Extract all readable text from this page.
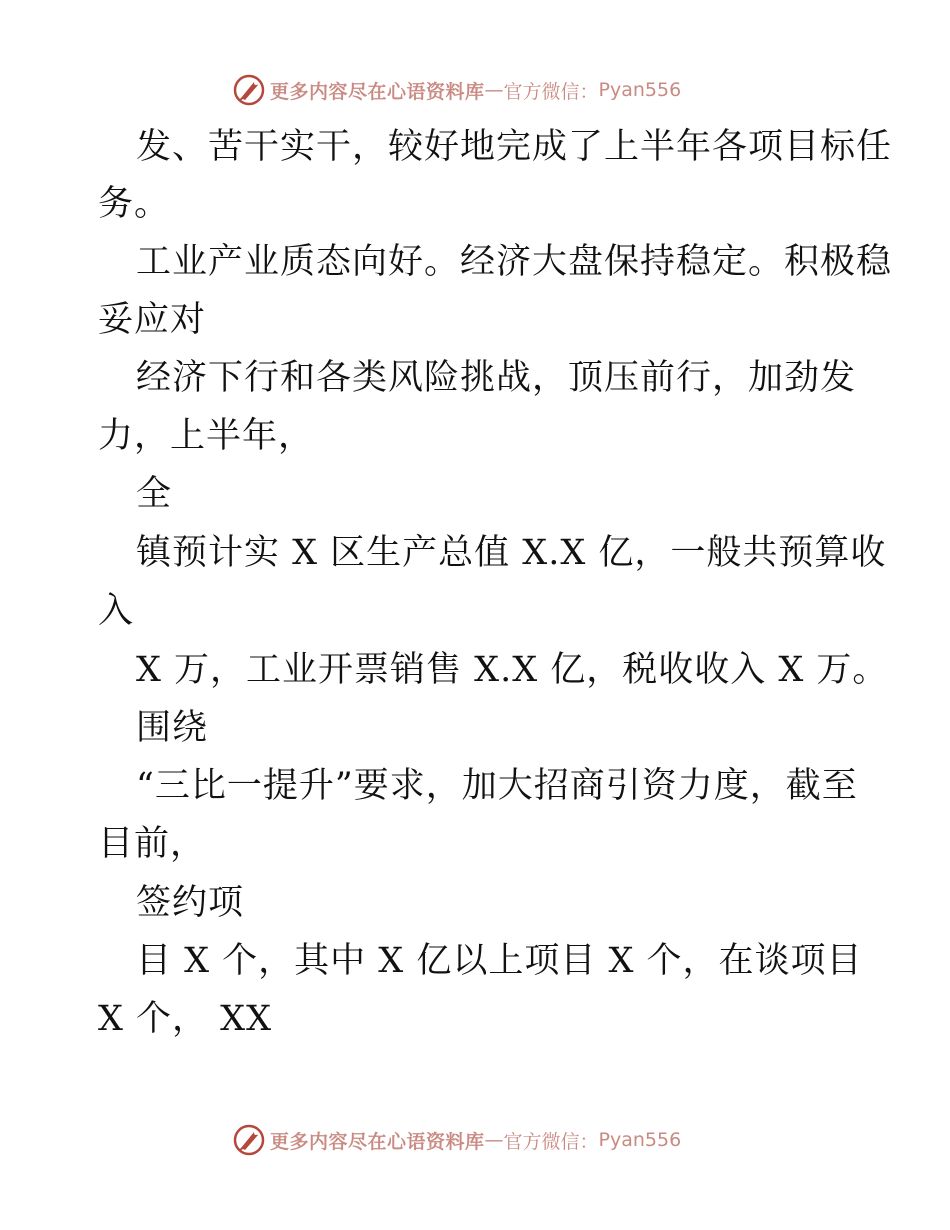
更多内容尽在心语资料库 — 官方微信： Pyan556
发、苦干实干，较好地完成了上半年各项目标任
务。
工业产业质态向好。经济大盘保持稳定。积极稳
妥应对
经济下行和各类风险挑战，顶压前行，加劲发
力，上半年，
全
镇预计实 X 区生产总值 X.X 亿，一般共预算收
入
X 万，工业开票销售 X.X 亿，税收收入 X 万。
围绕
“三比一提升”要求，加大招商引资力度，截至
目前，
签约项
目 X 个，其中 X 亿以上项目 X 个，在谈项目
X 个， XX
更多内容尽在心语资料库 — 官方微信： Pyan556
